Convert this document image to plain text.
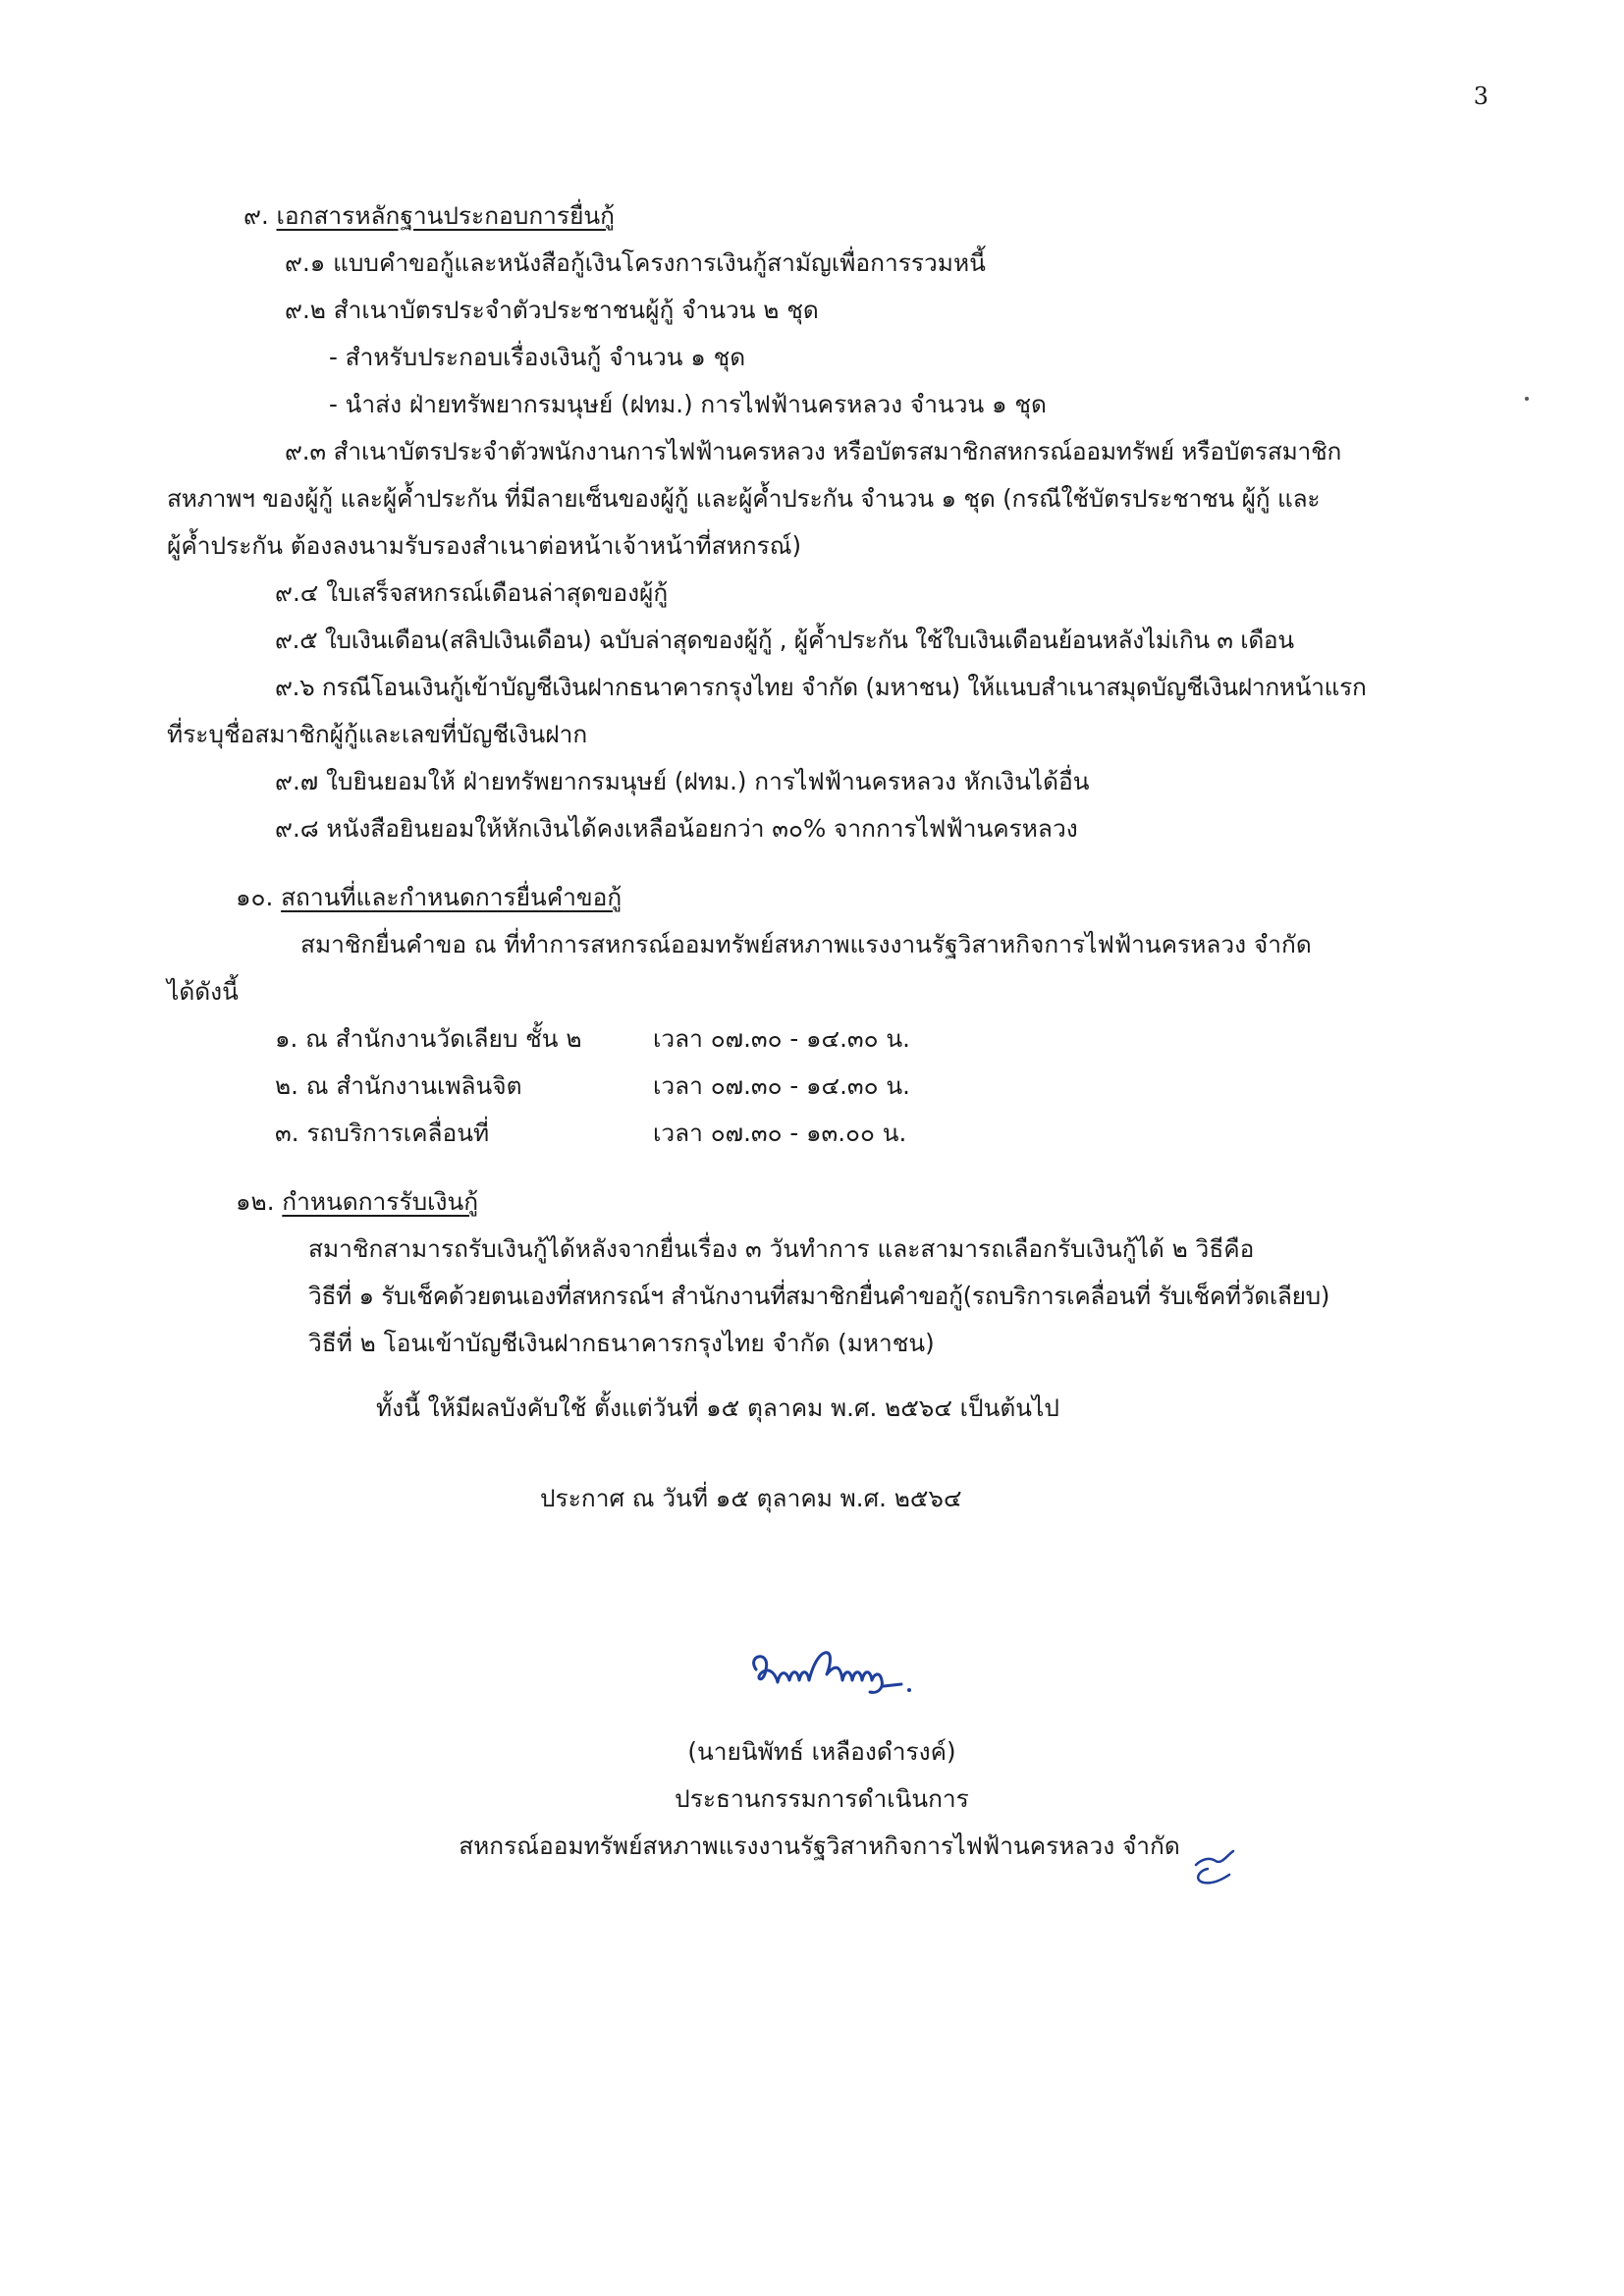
3
๙. เอกสารหลักฐานประกอบการยื่นกู้
๙.๑ แบบคำขอกู้และหนังสือกู้เงินโครงการเงินกู้สามัญเพื่อการรวมหนี้
๙.๒ สำเนาบัตรประจำตัวประชาชนผู้กู้ จำนวน ๒ ชุด
- สำหรับประกอบเรื่องเงินกู้ จำนวน ๑ ชุด
- นำส่ง ฝ่ายทรัพยากรมนุษย์ (ฝทม.) การไฟฟ้านครหลวง จำนวน ๑ ชุด
๙.๓ สำเนาบัตรประจำตัวพนักงานการไฟฟ้านครหลวง หรือบัตรสมาชิกสหกรณ์ออมทรัพย์ หรือบัตรสมาชิก
สหภาพฯ ของผู้กู้ และผู้ค้ำประกัน ที่มีลายเซ็นของผู้กู้ และผู้ค้ำประกัน จำนวน ๑ ชุด (กรณีใช้บัตรประชาชน ผู้กู้ และ
ผู้ค้ำประกัน ต้องลงนามรับรองสำเนาต่อหน้าเจ้าหน้าที่สหกรณ์)
๙.๔ ใบเสร็จสหกรณ์เดือนล่าสุดของผู้กู้
๙.๕ ใบเงินเดือน(สลิปเงินเดือน) ฉบับล่าสุดของผู้กู้ , ผู้ค้ำประกัน ใช้ใบเงินเดือนย้อนหลังไม่เกิน ๓ เดือน
๙.๖ กรณีโอนเงินกู้เข้าบัญชีเงินฝากธนาคารกรุงไทย จำกัด (มหาชน) ให้แนบสำเนาสมุดบัญชีเงินฝากหน้าแรก
ที่ระบุชื่อสมาชิกผู้กู้และเลขที่บัญชีเงินฝาก
๙.๗ ใบยินยอมให้ ฝ่ายทรัพยากรมนุษย์ (ฝทม.) การไฟฟ้านครหลวง หักเงินได้อื่น
๙.๘ หนังสือยินยอมให้หักเงินได้คงเหลือน้อยกว่า ๓๐% จากการไฟฟ้านครหลวง
๑๐. สถานที่และกำหนดการยื่นคำขอกู้
สมาชิกยื่นคำขอ ณ ที่ทำการสหกรณ์ออมทรัพย์สหภาพแรงงานรัฐวิสาหกิจการไฟฟ้านครหลวง จำกัด
ได้ดังนี้
๑. ณ สำนักงานวัดเลียบ ชั้น ๒	เวลา ๐๗.๓๐ - ๑๔.๓๐ น.
๒. ณ สำนักงานเพลินจิต	เวลา ๐๗.๓๐ - ๑๔.๓๐ น.
๓. รถบริการเคลื่อนที่	เวลา ๐๗.๓๐ - ๑๓.๐๐ น.
๑๒. กำหนดการรับเงินกู้
สมาชิกสามารถรับเงินกู้ได้หลังจากยื่นเรื่อง ๓ วันทำการ และสามารถเลือกรับเงินกู้ได้ ๒ วิธีคือ
วิธีที่ ๑ รับเช็คด้วยตนเองที่สหกรณ์ฯ สำนักงานที่สมาชิกยื่นคำขอกู้(รถบริการเคลื่อนที่ รับเช็คที่วัดเลียบ)
วิธีที่ ๒ โอนเข้าบัญชีเงินฝากธนาคารกรุงไทย จำกัด (มหาชน)
ทั้งนี้ ให้มีผลบังคับใช้ ตั้งแต่วันที่ ๑๕ ตุลาคม พ.ศ. ๒๕๖๔ เป็นต้นไป
ประกาศ ณ วันที่ ๑๕ ตุลาคม พ.ศ. ๒๕๖๔
(นายนิพัทธ์ เหลืองดำรงค์)
ประธานกรรมการดำเนินการ
สหกรณ์ออมทรัพย์สหภาพแรงงานรัฐวิสาหกิจการไฟฟ้านครหลวง จำกัด
